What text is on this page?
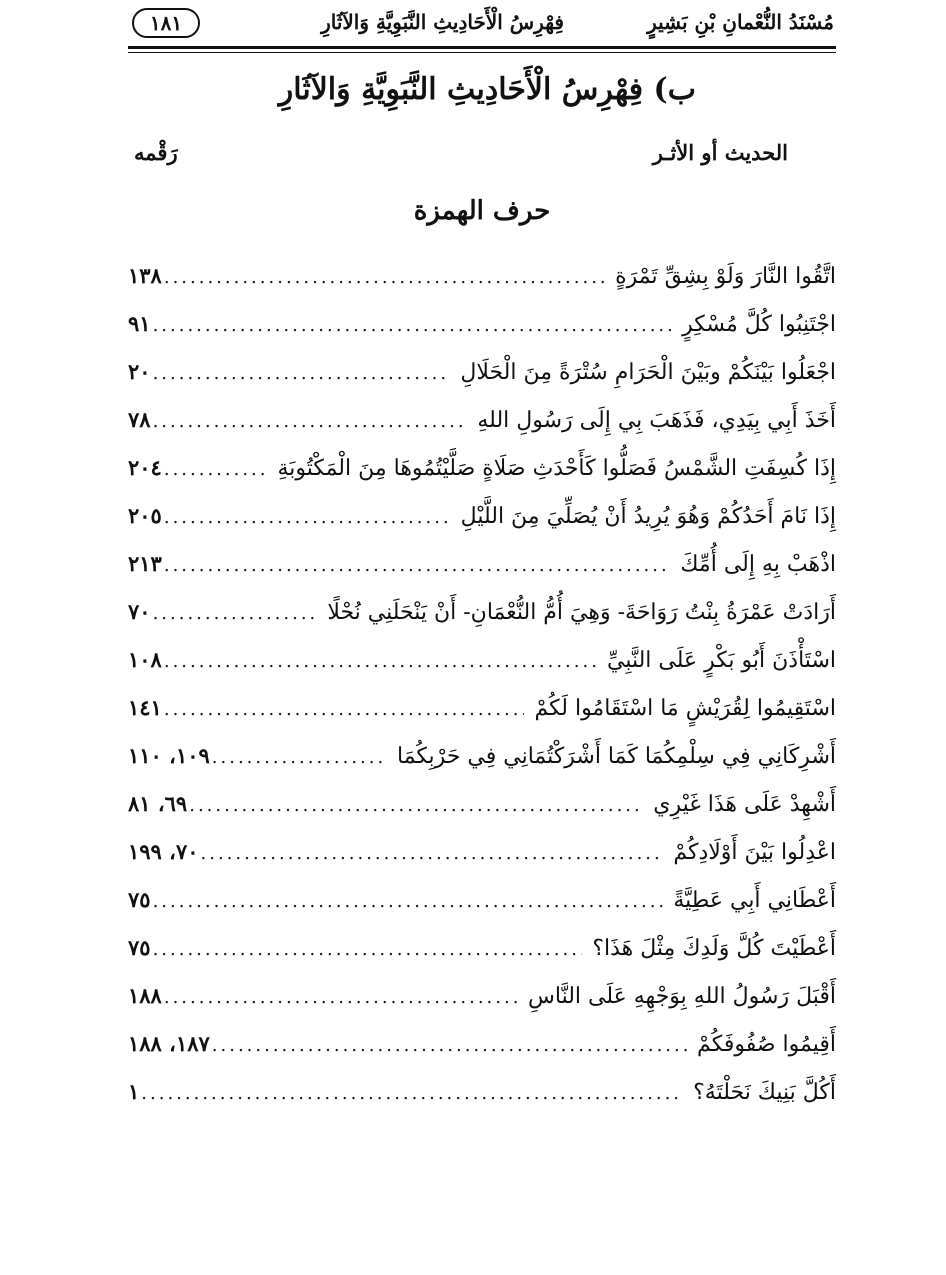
مُسْنَدُ النُّعْمانِ بْنِ بَشِيرٍ
فِهْرِسُ الْأَحَادِيثِ النَّبَوِيَّةِ وَالآثَارِ
١٨١
ب) فِهْرِسُ الْأَحَادِيثِ النَّبَوِيَّةِ وَالآثَارِ
الحديث أو الأثـر
رَقْمه
حرف الهمزة
اتَّقُوا النَّارَ وَلَوْ بِشِقِّ تَمْرَةٍ
.....
١٣٨
اجْتَنِبُوا كُلَّ مُسْكِرٍ
.....
٩١
اجْعَلُوا بَيْنَكُمْ وبَيْنَ الْحَرَامِ سُتْرَةً مِنَ الْحَلَالِ
.....
٢٠
أَخَذَ أَبِي بِيَدِي، فَذَهَبَ بِي إِلَى رَسُولِ اللهِ
.....
٧٨
إِذَا كُسِفَتِ الشَّمْسُ فَصَلُّوا كَأَحْدَثِ صَلَاةٍ صَلَّيْتُمُوهَا مِنَ الْمَكْتُوبَةِ
.....
٢٠٤
إِذَا نَامَ أَحَدُكُمْ وَهُوَ يُرِيدُ أَنْ يُصَلِّيَ مِنَ اللَّيْلِ
.....
٢٠٥
اذْهَبْ بِهِ إِلَى أُمِّكَ
.....
٢١٣
أَرَادَتْ عَمْرَةُ بِنْتُ رَوَاحَةَ- وَهِيَ أُمُّ النُّعْمَانِ- أَنْ يَنْحَلَنِي نُحْلًا
.....
٧٠
اسْتَأْذَنَ أَبُو بَكْرٍ عَلَى النَّبِيِّ
.....
١٠٨
اسْتَقِيمُوا لِقُرَيْشٍ مَا اسْتَقَامُوا لَكُمْ
.....
١٤١
أَشْرِكَانِي فِي سِلْمِكُمَا كَمَا أَشْرَكْتُمَانِي فِي حَرْبِكُمَا
.....
١٠٩، ١١٠
أَشْهِدْ عَلَى هَذَا غَيْرِي
.....
٦٩، ٨١
اعْدِلُوا بَيْنَ أَوْلَادِكُمْ
.....
٧٠، ١٩٩
أَعْطَانِي أَبِي عَطِيَّةً
.....
٧٥
أَعْطَيْتَ كُلَّ وَلَدِكَ مِثْلَ هَذَا؟
.....
٧٥
أَقْبَلَ رَسُولُ اللهِ بِوَجْهِهِ عَلَى النَّاسِ
.....
١٨٨
أَقِيمُوا صُفُوفَكُمْ
.....
١٨٧، ١٨٨
أَكُلَّ بَنِيكَ نَحَلْتَهُ؟
.....
١
